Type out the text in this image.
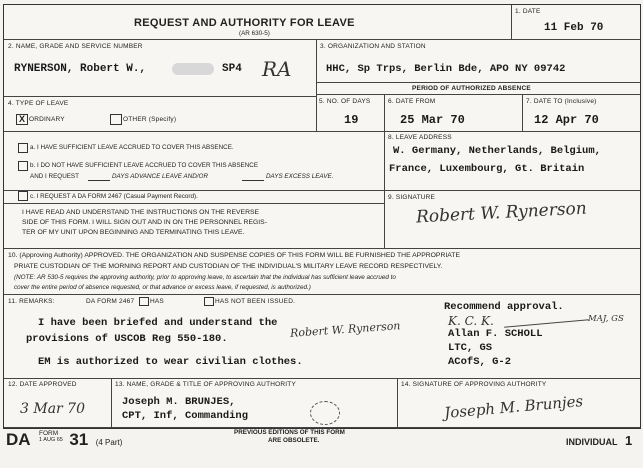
REQUEST AND AUTHORITY FOR LEAVE
(AR 630-5)
1. DATE
11 Feb 70
2. NAME, GRADE AND SERVICE NUMBER
RYNERSON, Robert W.,	SP4 RA
3. ORGANIZATION AND STATION
HHC, Sp Trps, Berlin Bde, APO NY 09742
4. TYPE OF LEAVE
X ORDINARY	OTHER (Specify)
PERIOD OF AUTHORIZED ABSENCE
5. NO. OF DAYS
19
6. DATE FROM
25 Mar 70
7. DATE TO (Inclusive)
12 Apr 70
a. I HAVE SUFFICIENT LEAVE ACCRUED TO COVER THIS ABSENCE.
b. I DO NOT HAVE SUFFICIENT LEAVE ACCRUED TO COVER THIS ABSENCE
AND I REQUEST	DAYS ADVANCE LEAVE AND/OR	DAYS EXCESS LEAVE.
c. I REQUEST A DA FORM 2467 (Casual Payment Record).
8. LEAVE ADDRESS
W. Germany, Netherlands, Belgium,
France, Luxembourg, Gt. Britain
I HAVE READ AND UNDERSTAND THE INSTRUCTIONS ON THE REVERSE
SIDE OF THIS FORM. I WILL SIGN OUT AND IN ON THE PERSONNEL REGIS-
TER OF MY UNIT UPON BEGINNING AND TERMINATING THIS LEAVE.
9. SIGNATURE
Robert W. Rynerson
10. (Approving Authority) APPROVED. THE ORGANIZATION AND SUSPENSE COPIES OF THIS FORM WILL BE FURNISHED THE APPROPRIATE
PRIATE CUSTODIAN OF THE MORNING REPORT AND CUSTODIAN OF THE INDIVIDUAL'S MILITARY LEAVE RECORD RESPECTIVELY.
(NOTE: AR 530-5 requires the approving authority, prior to approving leave, to ascertain that the individual has sufficient leave accrued to
cover the entire period of absence requested, or that advance or excess leave, if requested, is authorized.)
11. REMARKS:	DA FORM 2467 HAS	HAS NOT BEEN ISSUED.
I have been briefed and understand the
provisions of USCOB Reg 550-180.	Robert W. Rynerson
EM is authorized to wear civilian clothes.
Recommend approval.
K. C. K.	MAJ, GS
Allan F. SCHOLL
LTC, GS
ACofS, G-2
12. DATE APPROVED
3 Mar 70
13. NAME, GRADE & TITLE OF APPROVING AUTHORITY
Joseph M. BRUNJES,
CPT, Inf, Commanding
14. SIGNATURE OF APPROVING AUTHORITY
Joseph M. Brunjes
DA FORM
1 AUG 65 31 (4 Part)
PREVIOUS EDITIONS OF THIS FORM
ARE OBSOLETE.	INDIVIDUAL 1
